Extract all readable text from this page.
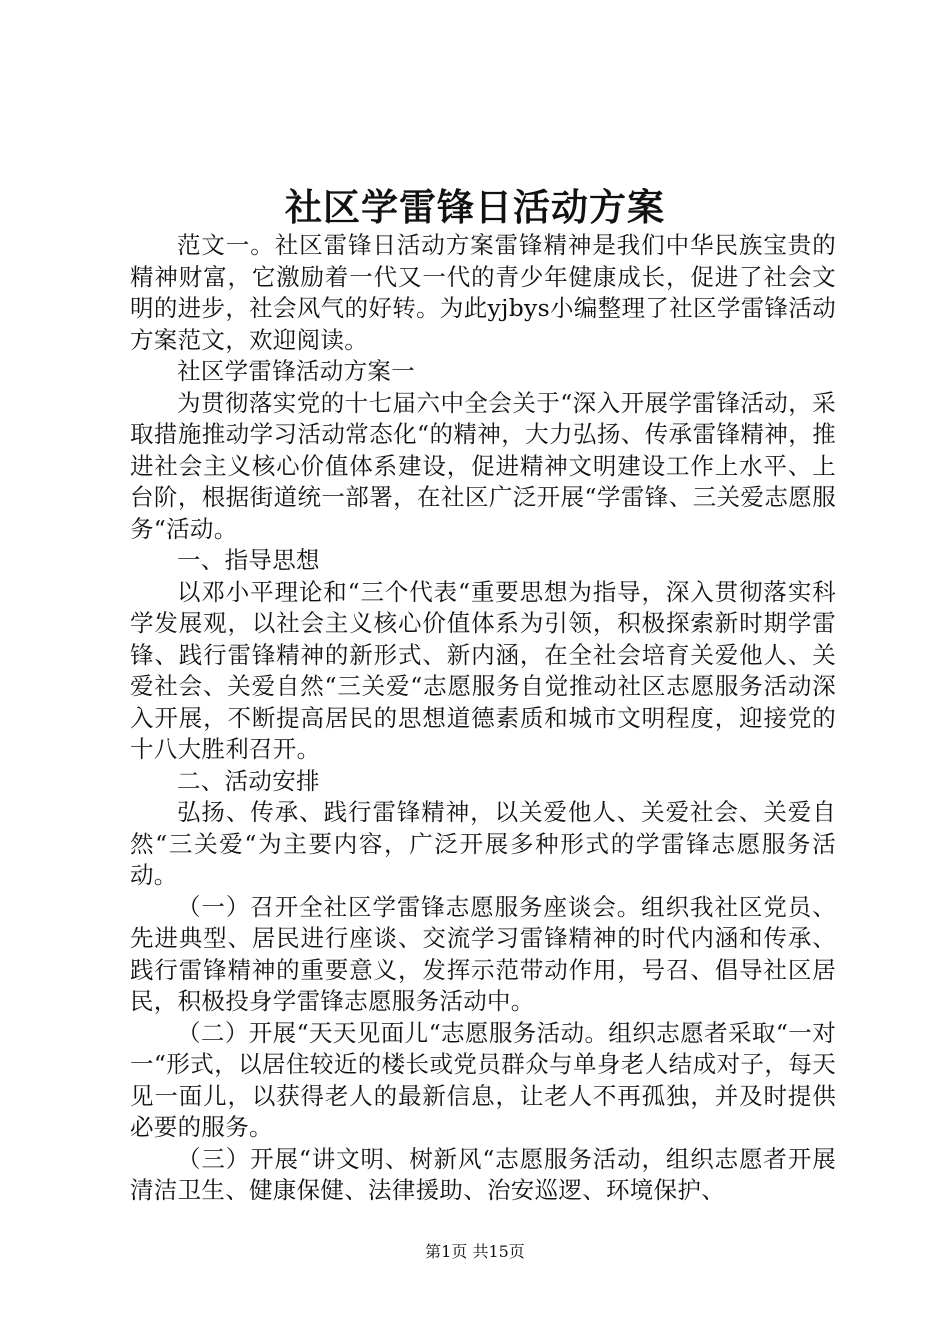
社区学雷锋日活动方案

范文一。社区雷锋日活动方案雷锋精神是我们中华民族宝贵的精神财富，它激励着一代又一代的青少年健康成长，促进了社会文明的进步，社会风气的好转。为此yjbys小编整理了社区学雷锋活动方案范文，欢迎阅读。

社区学雷锋活动方案一

为贯彻落实党的十七届六中全会关于“深入开展学雷锋活动，采取措施推动学习活动常态化“的精神，大力弘扬、传承雷锋精神，推进社会主义核心价值体系建设，促进精神文明建设工作上水平、上台阶，根据街道统一部署，在社区广泛开展“学雷锋、三关爱志愿服务“活动。

一、指导思想

以邓小平理论和“三个代表“重要思想为指导，深入贯彻落实科学发展观，以社会主义核心价值体系为引领，积极探索新时期学雷锋、践行雷锋精神的新形式、新内涵，在全社会培育关爱他人、关爱社会、关爱自然“三关爱“志愿服务自觉推动社区志愿服务活动深入开展，不断提高居民的思想道德素质和城市文明程度，迎接党的十八大胜利召开。

二、活动安排

弘扬、传承、践行雷锋精神，以关爱他人、关爱社会、关爱自然“三关爱“为主要内容，广泛开展多种形式的学雷锋志愿服务活动。

（一）召开全社区学雷锋志愿服务座谈会。组织我社区党员、先进典型、居民进行座谈、交流学习雷锋精神的时代内涵和传承、践行雷锋精神的重要意义，发挥示范带动作用，号召、倡导社区居民，积极投身学雷锋志愿服务活动中。

（二）开展“天天见面儿“志愿服务活动。组织志愿者采取“一对一“形式，以居住较近的楼长或党员群众与单身老人结成对子，每天见一面儿，以获得老人的最新信息，让老人不再孤独，并及时提供必要的服务。

（三）开展“讲文明、树新风“志愿服务活动，组织志愿者开展清洁卫生、健康保健、法律援助、治安巡逻、环境保护、

第1页 共15页
